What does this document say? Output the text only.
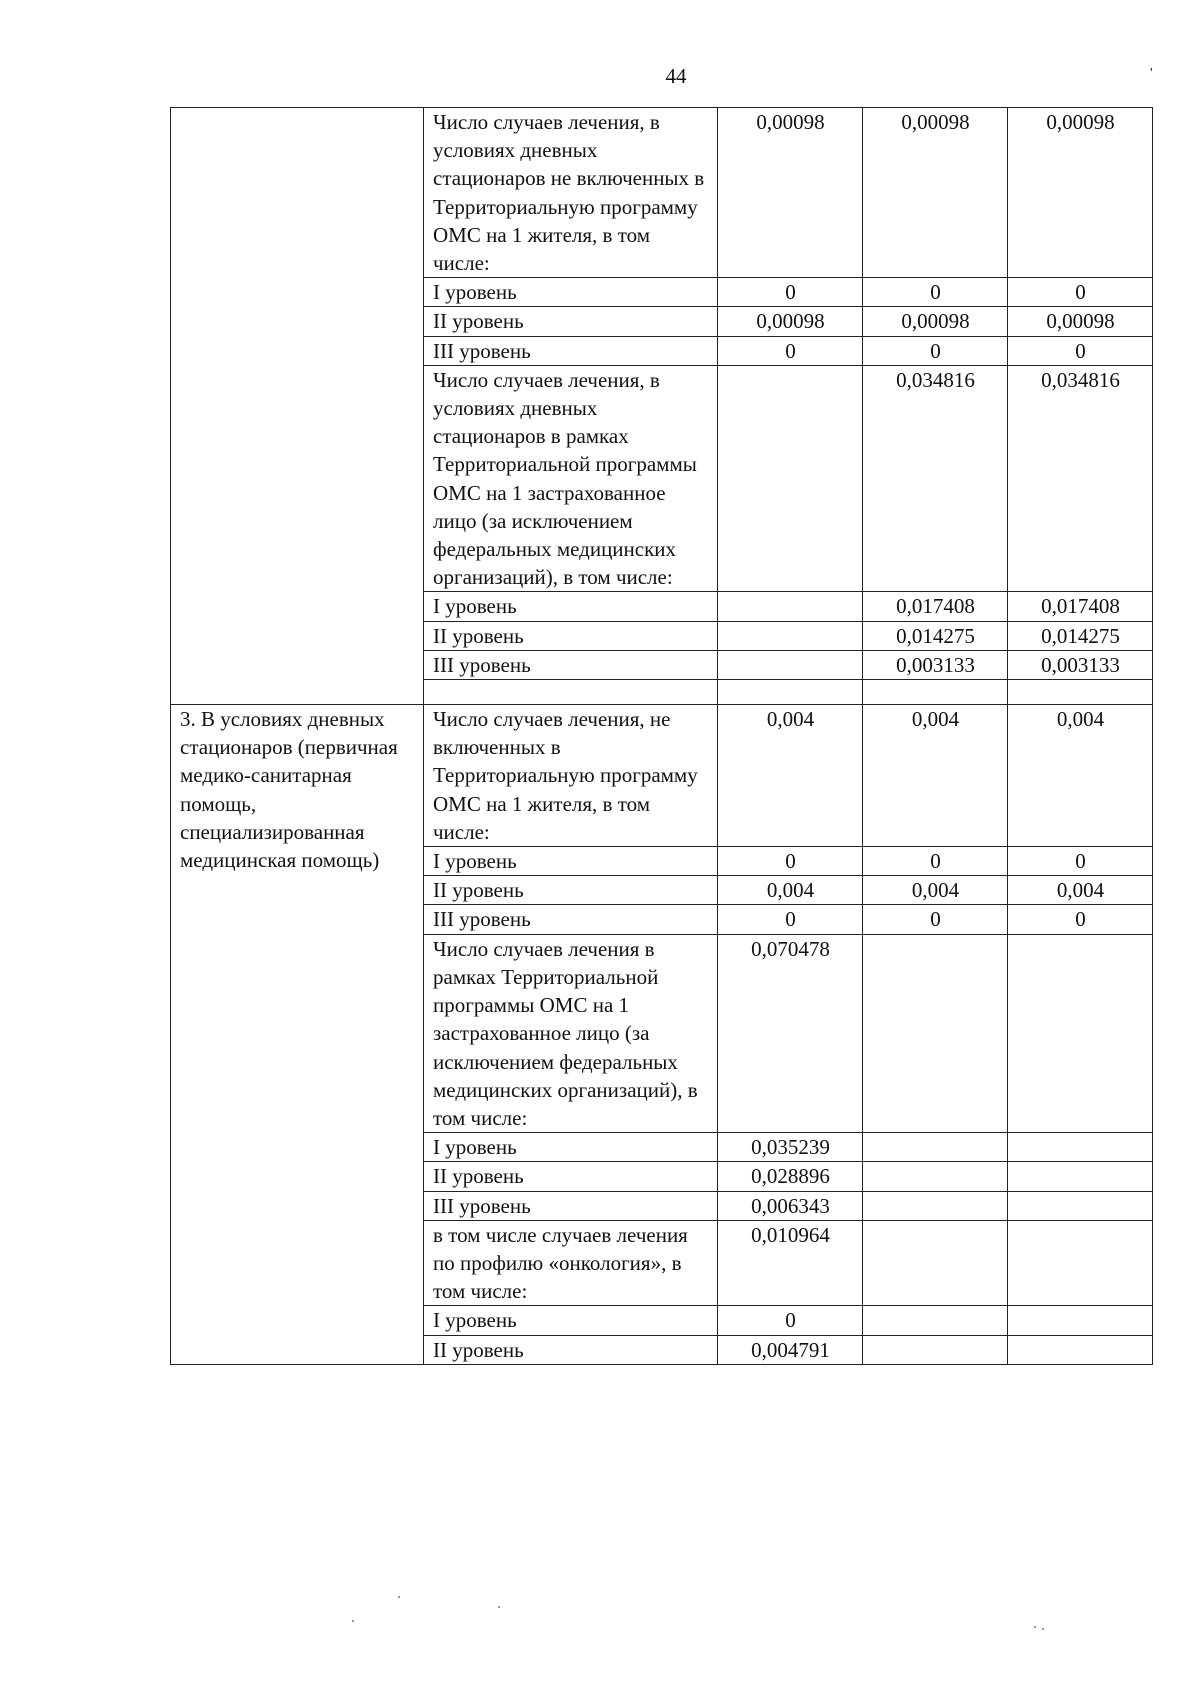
44	'
	Число случаев лечения, в условиях дневных стационаров не включенных в Территориальную программу ОМС на 1 жителя, в том числе:	0,00098	0,00098	0,00098
	I уровень	0	0	0
	II уровень	0,00098	0,00098	0,00098
	III уровень	0	0	0
	Число случаев лечения, в условиях дневных стационаров в рамках Территориальной программы ОМС на 1 застрахованное лицо (за исключением федеральных медицинских организаций), в том числе:		0,034816	0,034816
	I уровень		0,017408	0,017408
	II уровень		0,014275	0,014275
	III уровень		0,003133	0,003133

3. В условиях дневных стационаров (первичная медико-санитарная помощь, специализированная медицинская помощь)	Число случаев лечения, не включенных в Территориальную программу ОМС на 1 жителя, в том числе:	0,004	0,004	0,004
	I уровень	0	0	0
	II уровень	0,004	0,004	0,004
	III уровень	0	0	0
	Число случаев лечения в рамках Территориальной программы ОМС на 1 застрахованное лицо (за исключением федеральных медицинских организаций), в том числе:	0,070478		
	I уровень	0,035239		
	II уровень	0,028896		
	III уровень	0,006343		
	в том числе случаев лечения по профилю «онкология», в том числе:	0,010964		
	I уровень	0		
	II уровень	0,004791		
